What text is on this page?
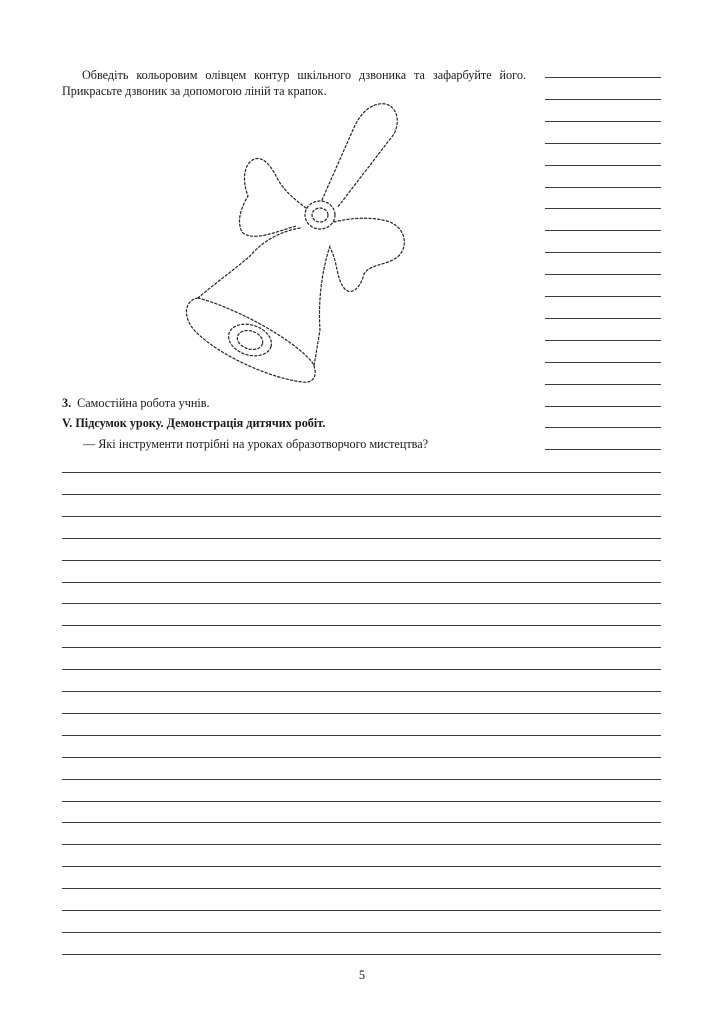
Обведіть кольоровим олівцем контур шкільного дзвоника та зафарбуйте його. Прикрасьте дзвоник за допомогою ліній та крапок.

3. Самостійна робота учнів.
V. Підсумок уроку. Демонстрація дитячих робіт.
— Які інструменти потрібні на уроках образотворчого мистецтва?
5
